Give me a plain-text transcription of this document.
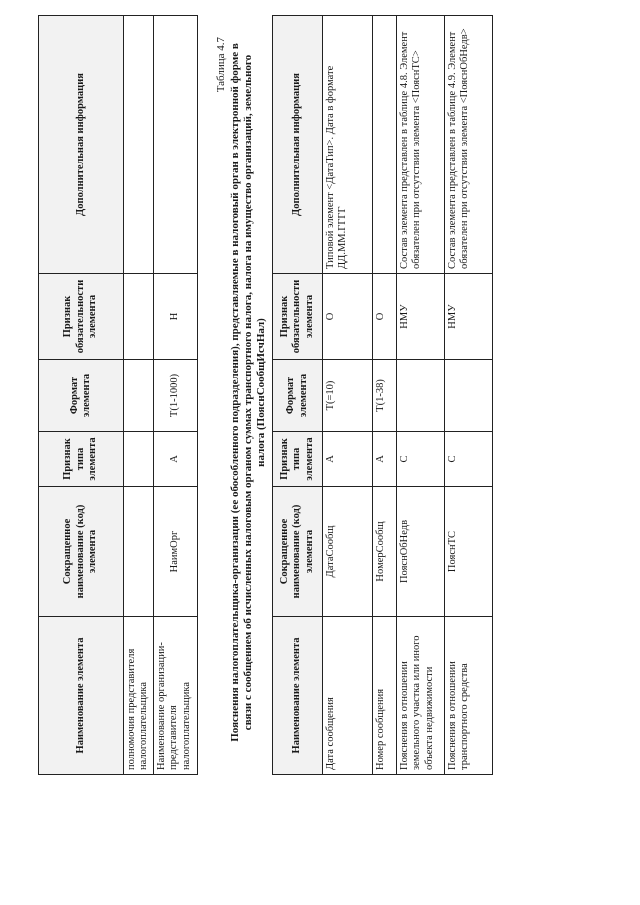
Наименование элемента	Сокращенное наименование (код) элемента	Признак типа элемента	Формат элемента	Признак обязательности элемента	Дополнительная информация
полномочия представителя налогоплательщика					
Наименование организации-представителя налогоплательщика	НаимОрг	А	T(1-1000)	Н	
Таблица 4.7 Пояснения налогоплательщика-организации (ее обособленного подразделения), представляемые в налоговый орган в электронной форме в связи с сообщением об исчисленных налоговым органом суммах транспортного налога, налога на имущество организаций, земельного налога (ПояснСообщИсчНал)
Наименование элемента	Сокращенное наименование (код) элемента	Признак типа элемента	Формат элемента	Признак обязательности элемента	Дополнительная информация
Дата сообщения	ДатаСообщ	А	T(=10)	О	Типовой элемент <ДатаТип>. Дата в формате ДД.ММ.ГГГГ
Номер сообщения	НомерСообщ	А	T(1-38)	О	
Пояснения в отношении земельного участка или иного объекта недвижимости	ПояснОбНедв	С		НМУ	Состав элемента представлен в таблице 4.8. Элемент обязателен при отсутствии элемента <ПояснТС>
Пояснения в отношении транспортного средства	ПояснТС	С		НМУ	Состав элемента представлен в таблице 4.9. Элемент обязателен при отсутствии элемента <ПояснОбНедв>
